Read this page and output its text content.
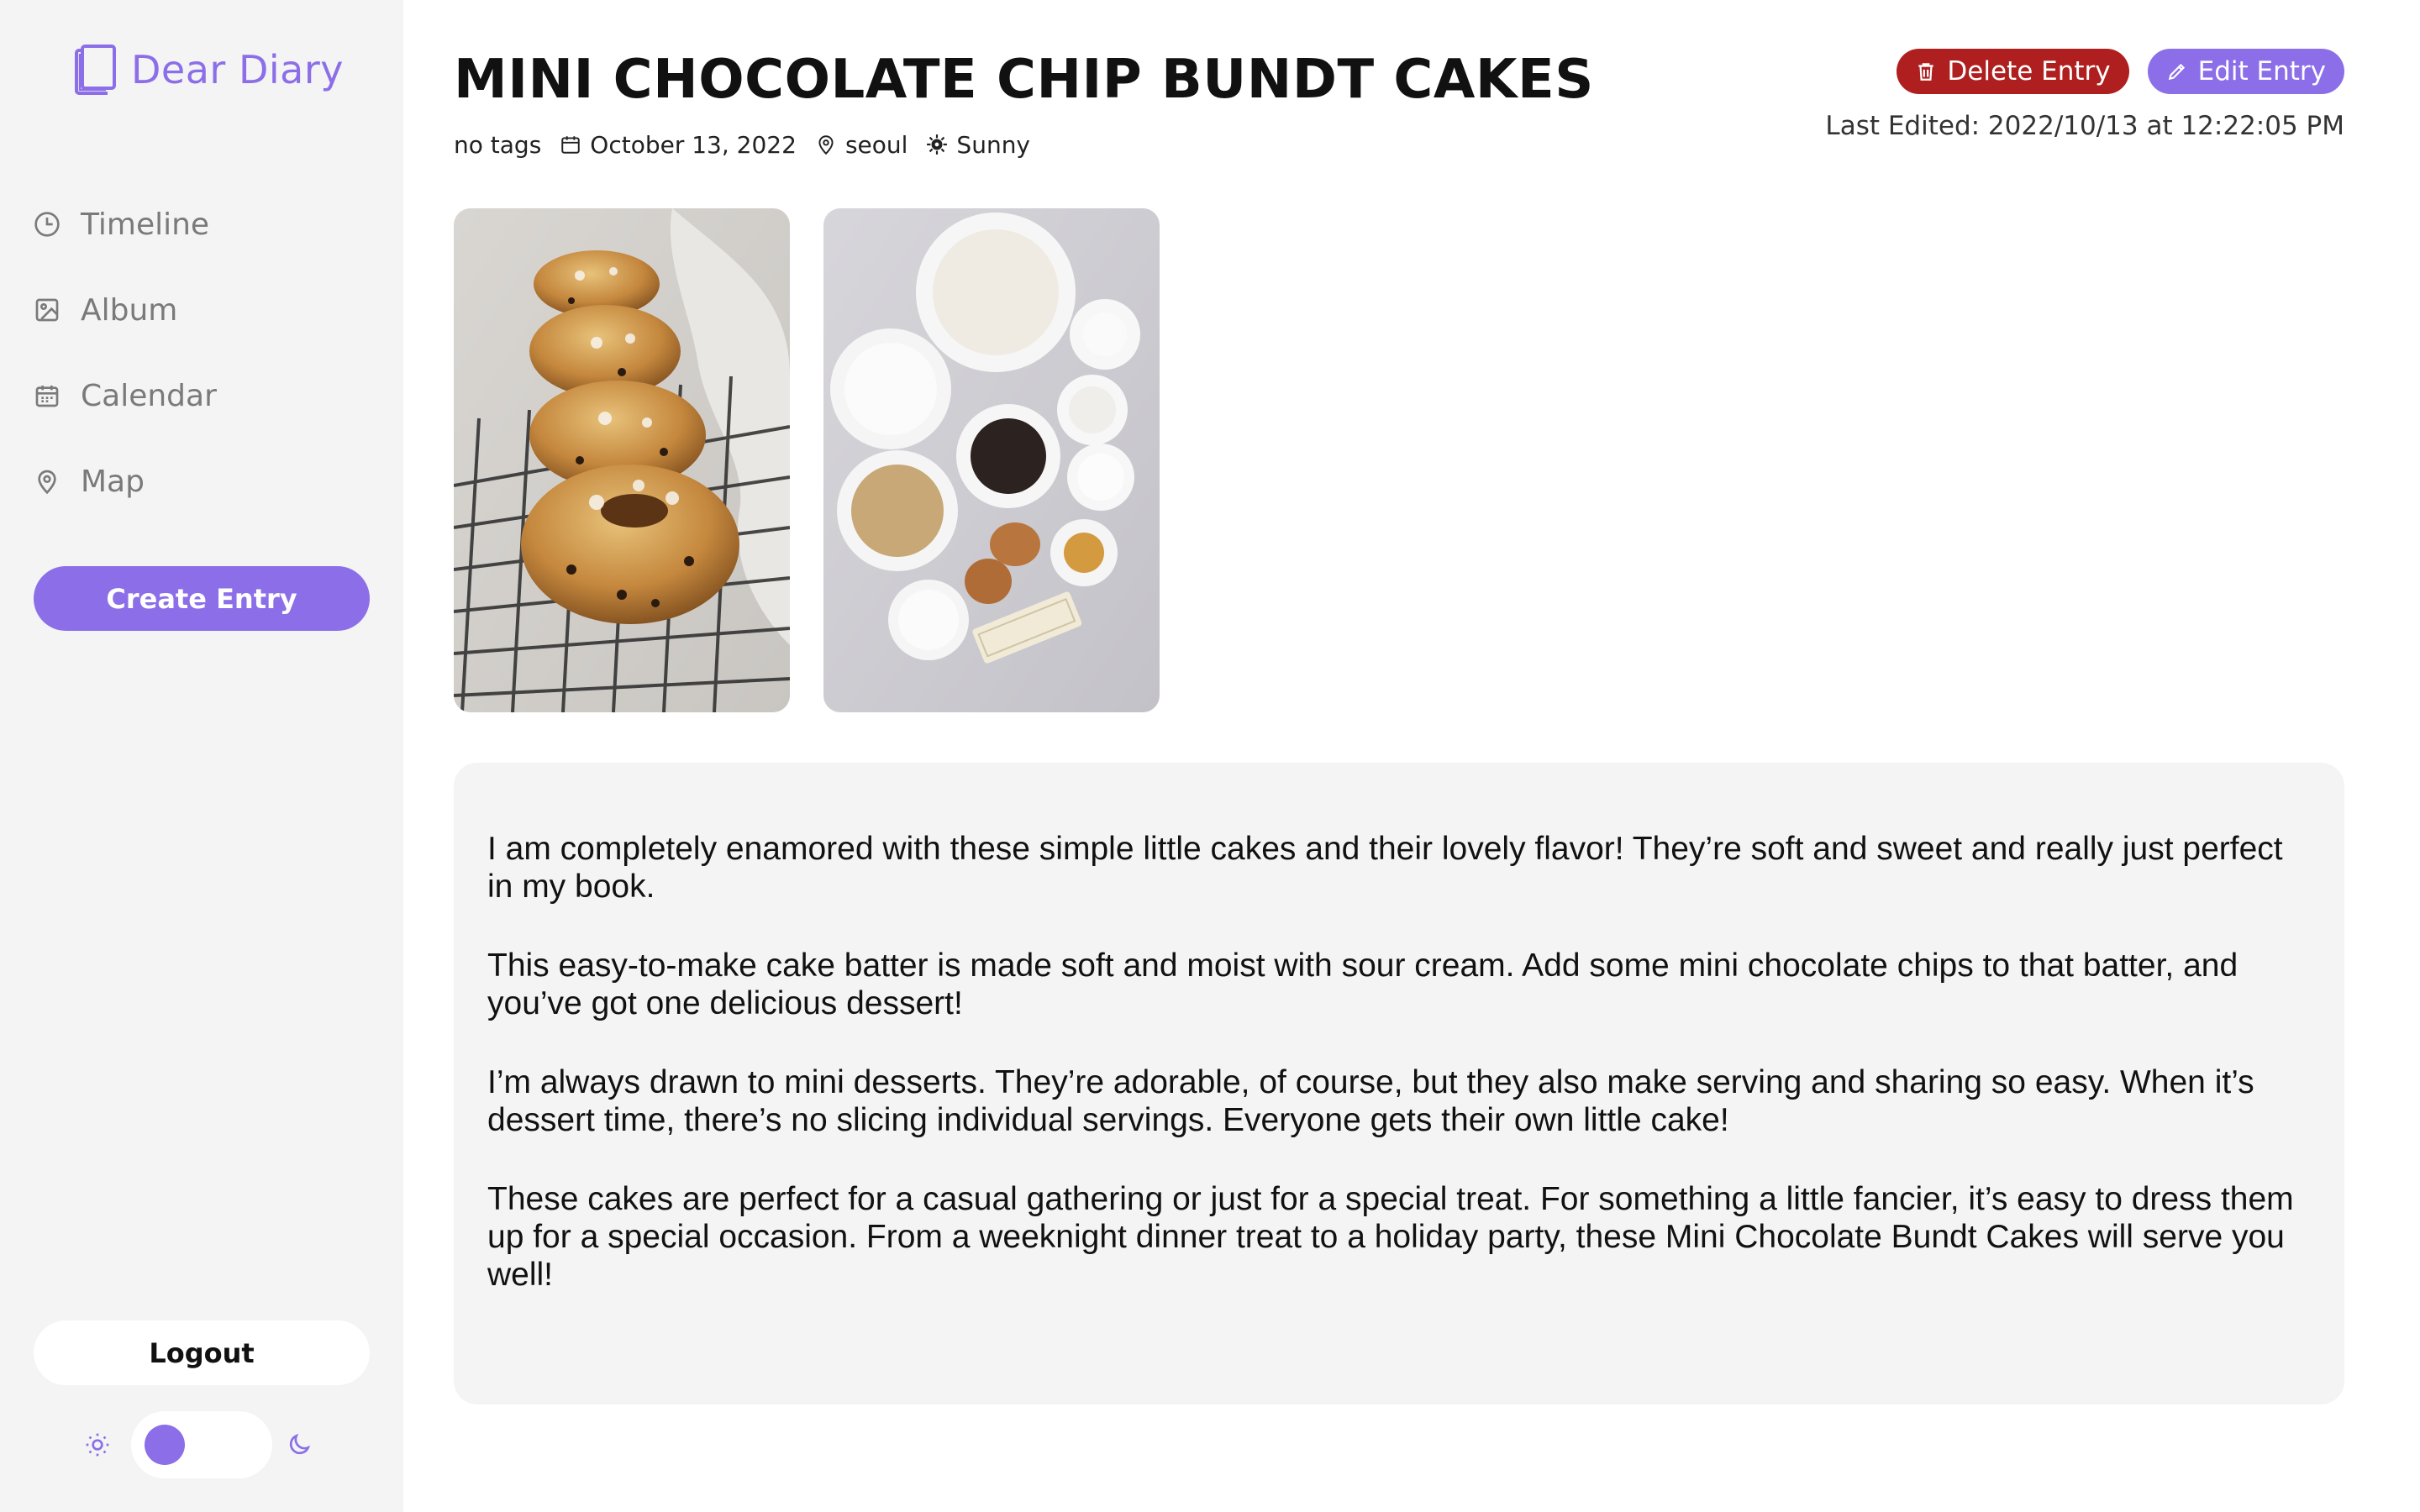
Dear Diary
Timeline
Album
Calendar
Map
Create Entry
Logout
MINI CHOCOLATE CHIP BUNDT CAKES
no tags October 13, 2022 seoul Sunny
Delete Entry	Edit Entry
Last Edited: 2022/10/13 at 12:22:05 PM

I am completely enamored with these simple little cakes and their lovely flavor! They’re soft and sweet and really just perfect in my book.

This easy-to-make cake batter is made soft and moist with sour cream. Add some mini chocolate chips to that batter, and you’ve got one delicious dessert!

I’m always drawn to mini desserts. They’re adorable, of course, but they also make serving and sharing so easy. When it’s dessert time, there’s no slicing individual servings. Everyone gets their own little cake!

These cakes are perfect for a casual gathering or just for a special treat. For something a little fancier, it’s easy to dress them up for a special occasion. From a weeknight dinner treat to a holiday party, these Mini Chocolate Bundt Cakes will serve you well!
